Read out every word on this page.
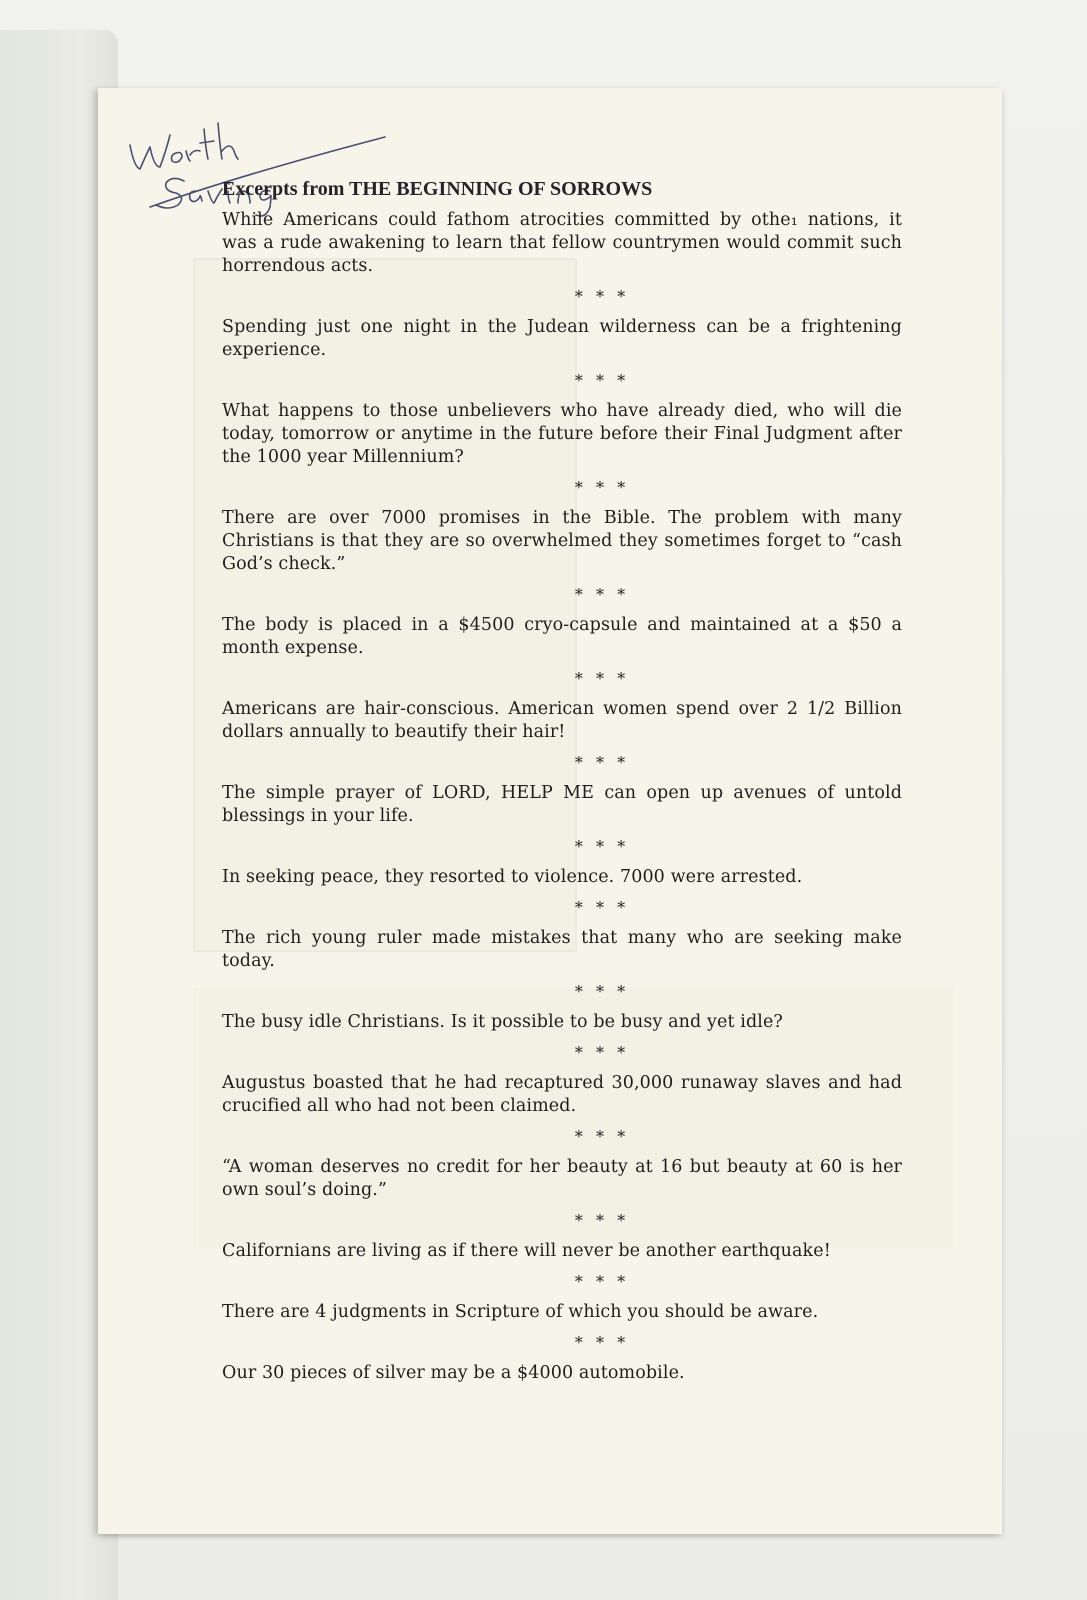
Excerpts from THE BEGINNING OF SORROWS

While Americans could fathom atrocities committed by othe₁ nations, it was a rude awakening to learn that fellow countrymen would commit such horrendous acts.

* * *

Spending just one night in the Judean wilderness can be a frightening experience.

* * *

What happens to those unbelievers who have already died, who will die today, tomorrow or anytime in the future before their Final Judgment after the 1000 year Millennium?

* * *

There are over 7000 promises in the Bible. The problem with many Christians is that they are so overwhelmed they sometimes forget to “cash God’s check.”

* * *

The body is placed in a $4500 cryo-capsule and maintained at a $50 a month expense.

* * *

Americans are hair-conscious. American women spend over 2 1/2 Billion dollars annually to beautify their hair!

* * *

The simple prayer of LORD, HELP ME can open up avenues of untold blessings in your life.

* * *

In seeking peace, they resorted to violence. 7000 were arrested.

* * *

The rich young ruler made mistakes that many who are seeking make today.

* * *

The busy idle Christians. Is it possible to be busy and yet idle?

* * *

Augustus boasted that he had recaptured 30,000 runaway slaves and had crucified all who had not been claimed.

* * *

“A woman deserves no credit for her beauty at 16 but beauty at 60 is her own soul’s doing.”

* * *

Californians are living as if there will never be another earthquake!

* * *

There are 4 judgments in Scripture of which you should be aware.

* * *

Our 30 pieces of silver may be a $4000 automobile.
